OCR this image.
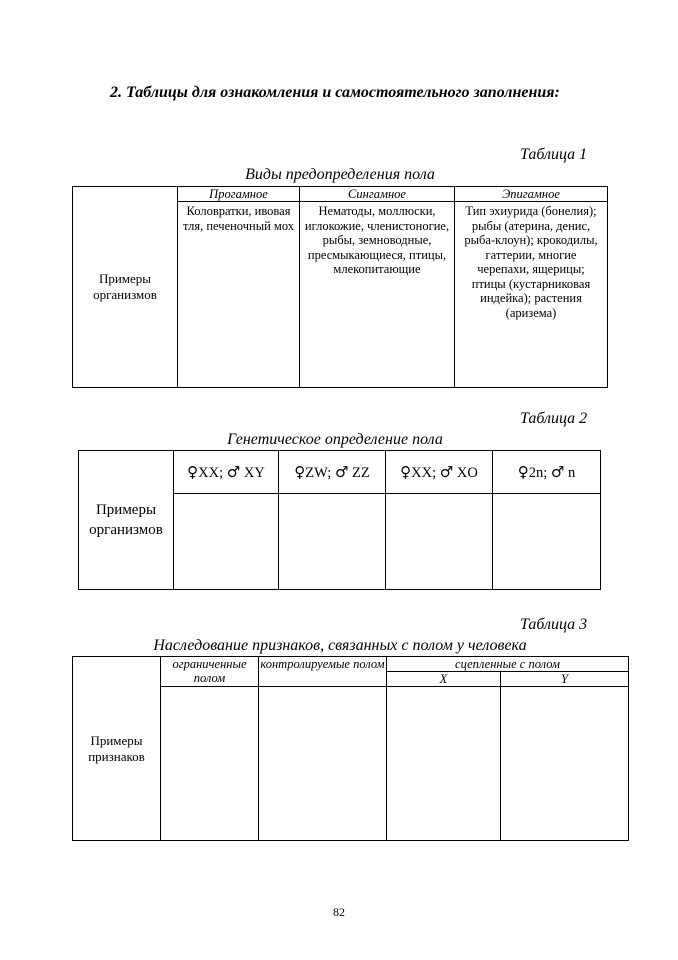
2. Таблицы для ознакомления и самостоятельного заполнения:
Таблица 1
Виды предопределения пола
Примеры организмов	Прогамное	Сингамное	Эпигамное
	Коловратки, ивовая тля, печеночный мох	Нематоды, моллюски, иглокожие, членистоногие, рыбы, земноводные, пресмыкающиеся, птицы, млекопитающие	Тип эхиурида (бонелия); рыбы (атерина, денис, рыба-клоун); крокодилы, гаттерии, многие черепахи, ящерицы; птицы (кустарниковая индейка); растения (аризема)
Таблица 2
Генетическое определение пола
Примеры организмов	♀XX; ♂ XY	♀ZW; ♂ ZZ	♀XX; ♂ XO	♀2n; ♂ n

Таблица 3
Наследование признаков, связанных с полом у человека
Примеры признаков	ограниченные полом	контролируемые полом	сцепленные с полом	
			X	Y

82
